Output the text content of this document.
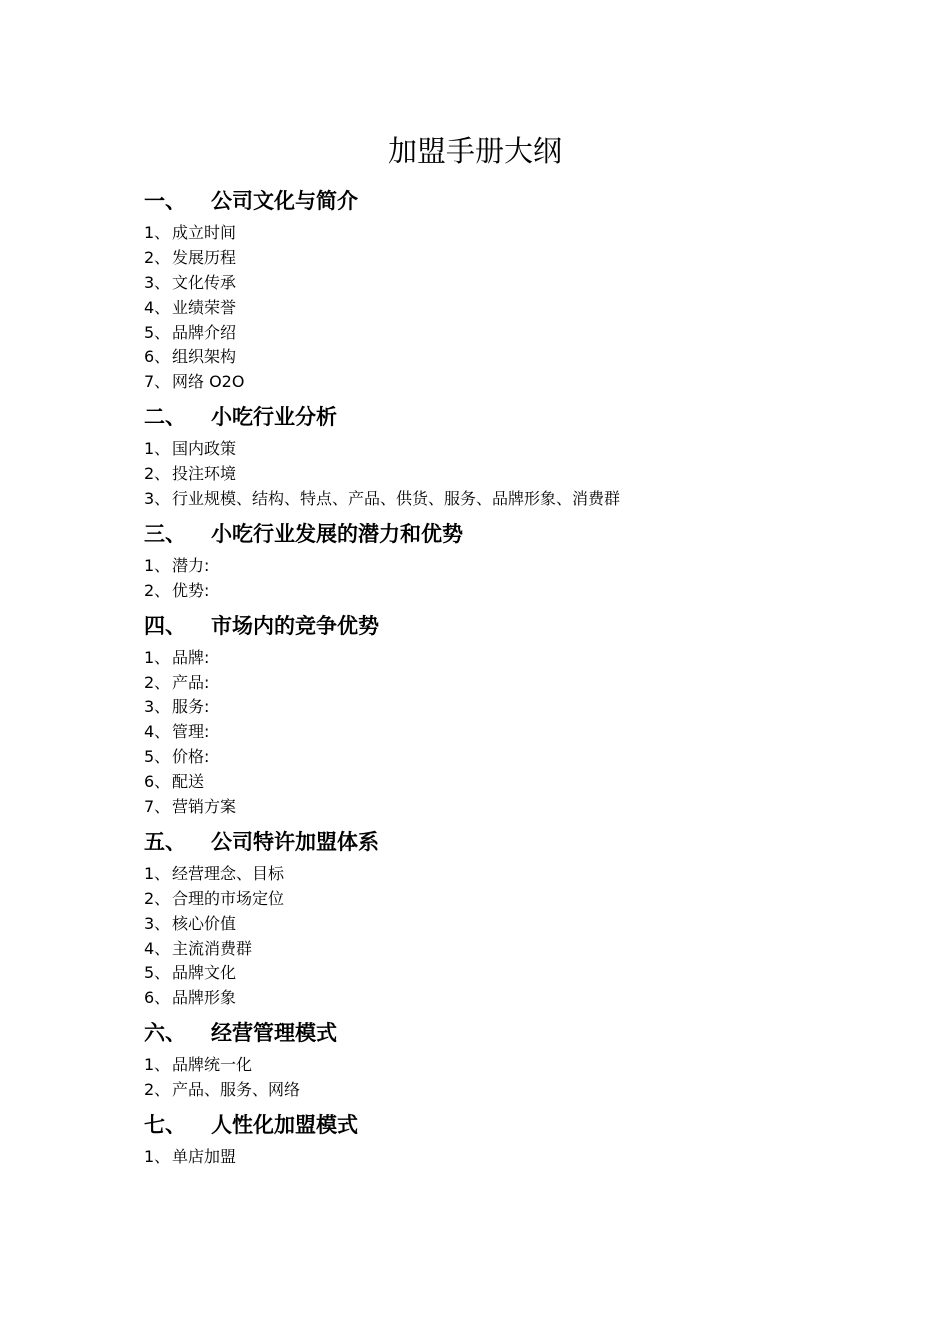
加盟手册大纲
一、	公司文化与简介
1、 成立时间
2、 发展历程
3、 文化传承
4、 业绩荣誉
5、 品牌介绍
6、 组织架构
7、 网络 O2O
二、	小吃行业分析
1、 国内政策
2、 投注环境
3、 行业规模、结构、特点、产品、供货、服务、品牌形象、消费群
三、	小吃行业发展的潜力和优势
1、 潜力:
2、 优势:
四、	市场内的竞争优势
1、 品牌:
2、 产品:
3、 服务:
4、 管理:
5、 价格:
6、 配送
7、 营销方案
五、	公司特许加盟体系
1、 经营理念、目标
2、 合理的市场定位
3、 核心价值
4、 主流消费群
5、 品牌文化
6、 品牌形象
六、	经营管理模式
1、 品牌统一化
2、 产品、服务、网络
七、	人性化加盟模式
1、 单店加盟
